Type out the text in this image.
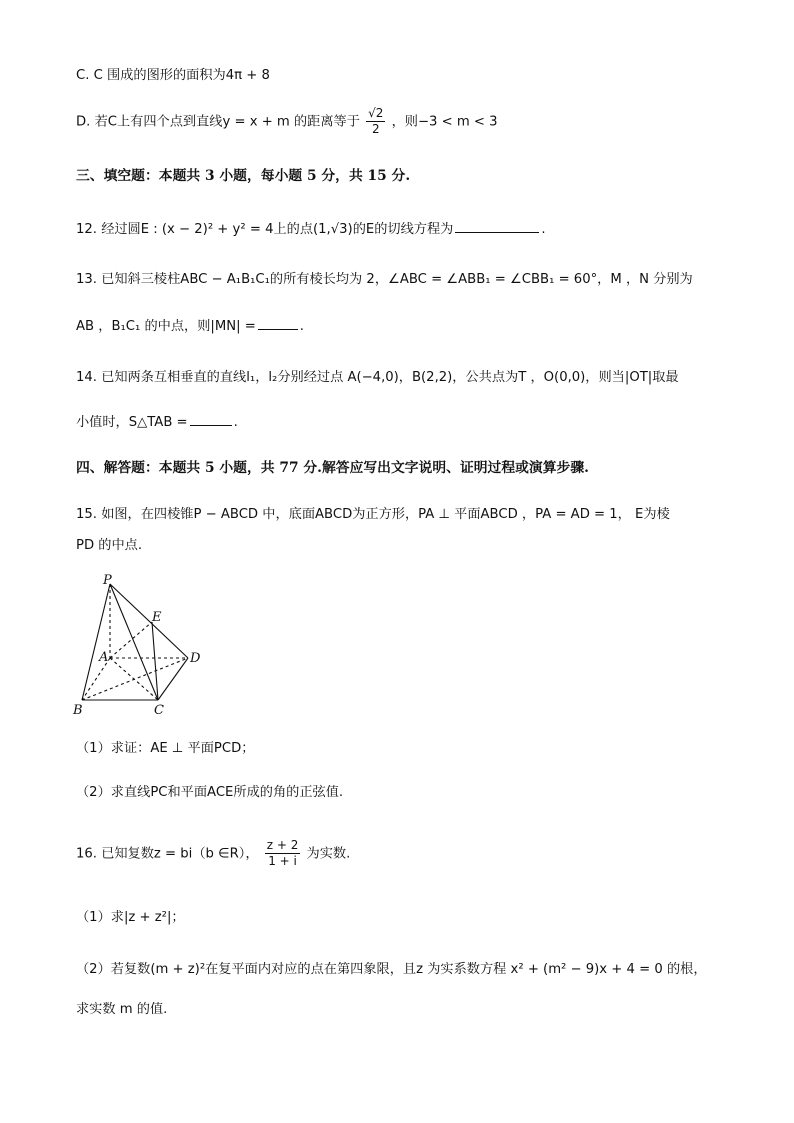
C. C 围成的图形的面积为4π + 8
D. 若C上有四个点到直线y = x + m 的距离等于 $\frac{√2}{2}$ ，则−3 < m < 3
三、填空题：本题共 3 小题，每小题 5 分，共 15 分.
12. 经过圆E : (x − 2)² + y² = 4上的点(1,√3)的E的切线方程为	.
13. 已知斜三棱柱ABC − A₁B₁C₁的所有棱长均为 2，∠ABC = ∠ABB₁ = ∠CBB₁ = 60°，M ，N 分别为
AB ，B₁C₁ 的中点，则|MN| =	.
14. 已知两条互相垂直的直线l₁，l₂分别经过点 A(−4,0)，B(2,2)，公共点为T ，O(0,0)，则当|OT|取最
小值时，S△TAB =	.
四、解答题：本题共 5 小题，共 77 分.解答应写出文字说明、证明过程或演算步骤.
15. 如图，在四棱锥P − ABCD 中，底面ABCD为正方形，PA ⊥ 平面ABCD ，PA = AD = 1， E为棱
PD 的中点.
P
E
A	D
B	C
（1）求证：AE ⊥ 平面PCD；
（2）求直线PC和平面ACE所成的角的正弦值.
16. 已知复数z = bi（b ∈R）， $\frac{z + 2}{1 + i}$ 为实数.
（1）求|z + z²|；
（2）若复数(m + z)²在复平面内对应的点在第四象限，且z 为实系数方程 x² + (m² − 9)x + 4 = 0 的根，
求实数 m 的值.
